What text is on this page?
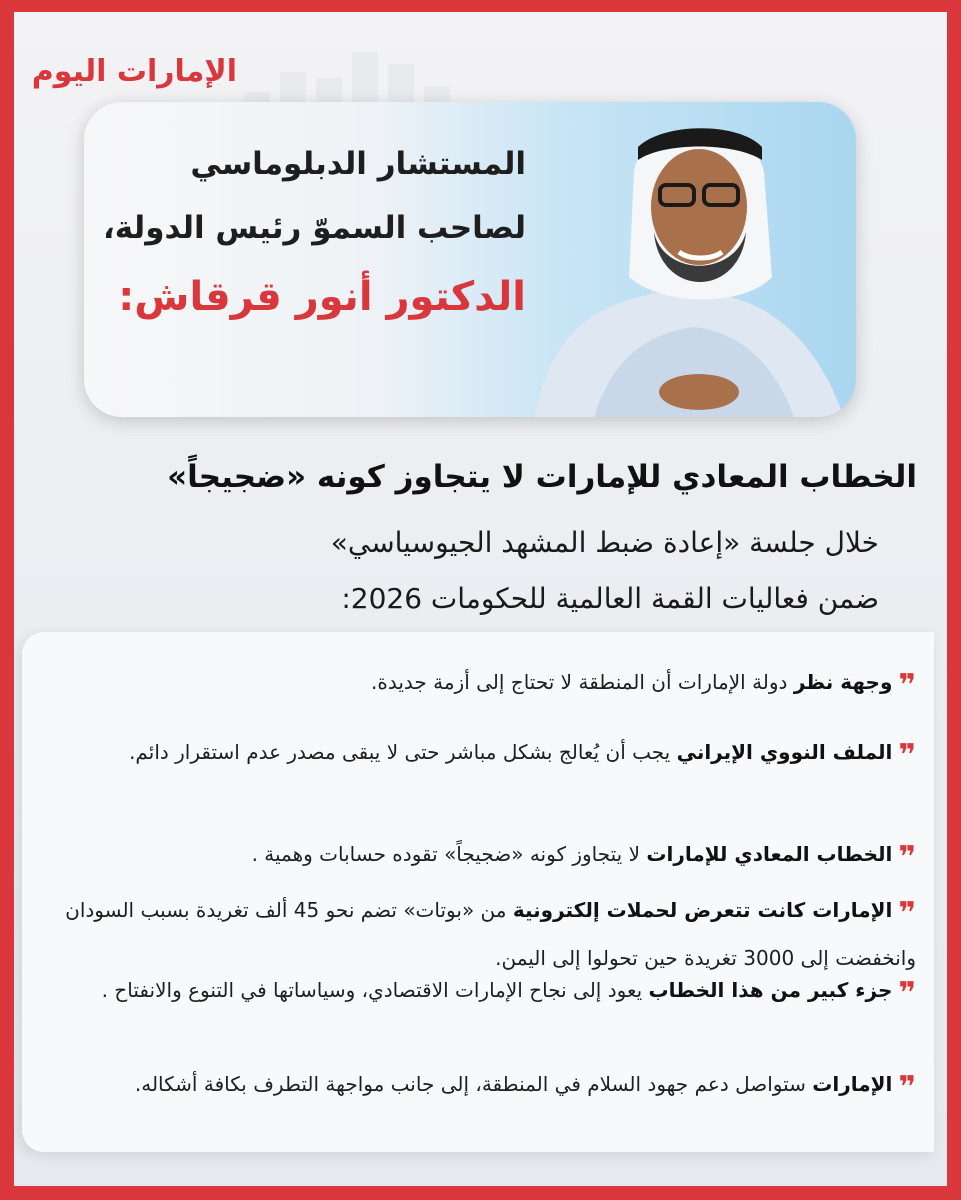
الإمارات اليوم
المستشار الدبلوماسي
لصاحب السموّ رئيس الدولة،
الدكتور أنور قرقاش:
الخطاب المعادي للإمارات لا يتجاوز كونه «ضجيجاً»
خلال جلسة «إعادة ضبط المشهد الجيوسياسي»
ضمن فعاليات القمة العالمية للحكومات 2026:
❞وجهة نظر دولة الإمارات أن المنطقة لا تحتاج إلى أزمة جديدة.
❞الملف النووي الإيراني يجب أن يُعالج بشكل مباشر حتى لا يبقى مصدر عدم استقرار دائم.
❞الخطاب المعادي للإمارات لا يتجاوز كونه «ضجيجاً» تقوده حسابات وهمية .
❞الإمارات كانت تتعرض لحملات إلكترونية من «بوتات» تضم نحو 45 ألف تغريدة بسبب السودان وانخفضت إلى 3000 تغريدة حين تحولوا إلى اليمن.
❞جزء كبير من هذا الخطاب يعود إلى نجاح الإمارات الاقتصادي، وسياساتها في التنوع والانفتاح .
❞الإمارات ستواصل دعم جهود السلام في المنطقة، إلى جانب مواجهة التطرف بكافة أشكاله.
